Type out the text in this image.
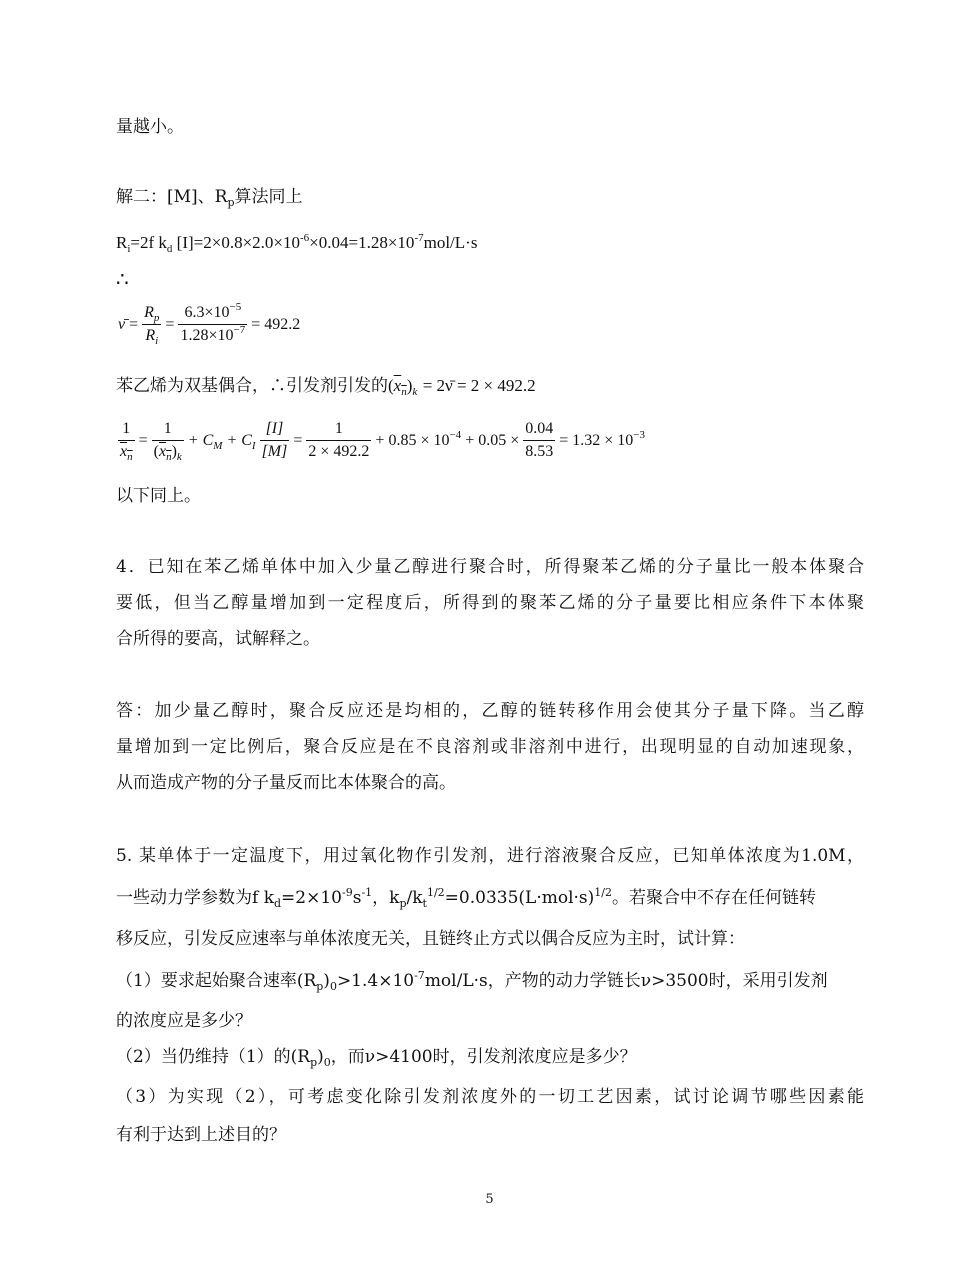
量越小。
解二：[M]、$R_p$算法同上
$R_i=2f$ $k_d$ $[I]=2\times 0.8\times 2.0\times 10^{-6}\times 0.04=1.28\times 10^{-7}mol/L\cdot s$
∴
ν̄ = $\frac{R_p}{R_i} = \frac{6.3\times 10^{-5}}{1.28\times 10^{-7}} = 492.2$
苯乙烯为双基偶合，∴引发剂引发的$(x_n)_k$ = 2ν̄ = 2 × 492.2
$\frac{1}{x_n} = \frac{1}{(x_n)_k} + C_M + C_I \frac{[I]}{[M]} = \frac{1}{2 \times 492.2} + 0.85 \times 10^{-4} + 0.05 \times \frac{0.04}{8.53} = 1.32 \times 10^{-3}$
以下同上。
4．已知在苯乙烯单体中加入少量乙醇进行聚合时，所得聚苯乙烯的分子量比一般本体聚合
要低，但当乙醇量增加到一定程度后，所得到的聚苯乙烯的分子量要比相应条件下本体聚
合所得的要高，试解释之。
答：加少量乙醇时，聚合反应还是均相的，乙醇的链转移作用会使其分子量下降。当乙醇
量增加到一定比例后，聚合反应是在不良溶剂或非溶剂中进行，出现明显的自动加速现象，
从而造成产物的分子量反而比本体聚合的高。
5. 某单体于一定温度下，用过氧化物作引发剂，进行溶液聚合反应，已知单体浓度为1.0M，
一些动力学参数为f $k_d=2\times 10^{-9}s^{-1}$，$k_p/k_t^{1/2}=0.0335(L\cdot mol\cdot s)^{1/2}$。若聚合中不存在任何链转
移反应，引发反应速率与单体浓度无关，且链终止方式以偶合反应为主时，试计算：
（1）要求起始聚合速率$(R_p)_0>1.4\times 10^{-7}mol/L\cdot s$，产物的动力学链长ν>3500时，采用引发剂
的浓度应是多少？
（2）当仍维持（1）的$(R_p)_0$，而ν>4100时，引发剂浓度应是多少？
（3）为实现（2），可考虑变化除引发剂浓度外的一切工艺因素，试讨论调节哪些因素能
有利于达到上述目的？
5
